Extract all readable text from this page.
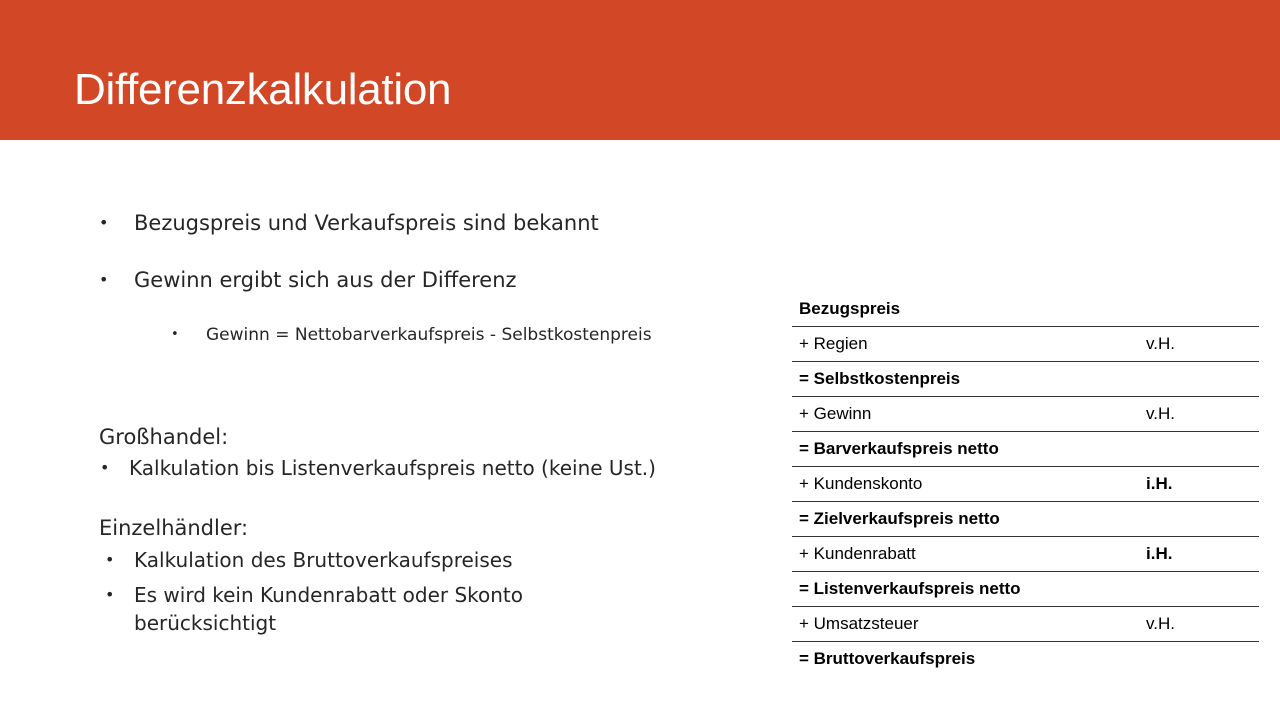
Differenzkalkulation
• Bezugspreis und Verkaufspreis sind bekannt
• Gewinn ergibt sich aus der Differenz
• Gewinn = Nettobarverkaufspreis - Selbstkostenpreis
Großhandel:
• Kalkulation bis Listenverkaufspreis netto (keine Ust.)
Einzelhändler:
• Kalkulation des Bruttoverkaufspreises
• Es wird kein Kundenrabatt oder Skonto berücksichtigt
Bezugspreis	
+ Regien	v.H.
= Selbstkostenpreis	
+ Gewinn	v.H.
= Barverkaufspreis netto	
+ Kundenskonto	i.H.
= Zielverkaufspreis netto	
+ Kundenrabatt	i.H.
= Listenverkaufspreis netto	
+ Umsatzsteuer	v.H.
= Bruttoverkaufspreis	
